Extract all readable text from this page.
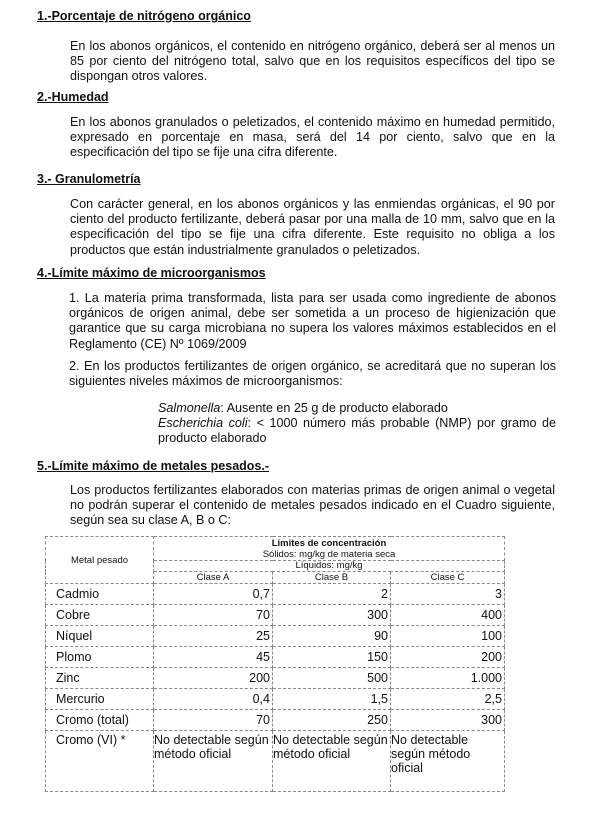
1.-Porcentaje de nitrógeno orgánico
En los abonos orgánicos, el contenido en nitrógeno orgánico, deberá ser al menos un 85 por ciento del nitrógeno total, salvo que en los requisitos específicos del tipo se dispongan otros valores.
2.-Humedad
En los abonos granulados o peletizados, el contenido máximo en humedad permitido, expresado en porcentaje en masa, será del 14 por ciento, salvo que en la especificación del tipo se fije una cifra diferente.
3.- Granulometría
Con carácter general, en los abonos orgánicos y las enmiendas orgánicas, el 90 por ciento del producto fertilizante, deberá pasar por una malla de 10 mm, salvo que en la especificación del tipo se fije una cifra diferente. Este requisito no obliga a los productos que están industrialmente granulados o peletizados.
4.-Límite máximo de microorganismos
1. La materia prima transformada, lista para ser usada como ingrediente de abonos orgánicos de origen animal, debe ser sometida a un proceso de higienización que garantice que su carga microbiana no supera los valores máximos establecidos en el Reglamento (CE) Nº 1069/2009
2. En los productos fertilizantes de origen orgánico, se acreditará que no superan los siguientes niveles máximos de microorganismos:
Salmonella: Ausente en 25 g de producto elaborado
Escherichia coli: < 1000 número más probable (NMP) por gramo de producto elaborado
5.-Límite máximo de metales pesados.-
Los productos fertilizantes elaborados con materias primas de origen animal o vegetal no podrán superar el contenido de metales pesados indicado en el Cuadro siguiente, según sea su clase A, B o C:
Metal pesado	Límites de concentración
Sólidos: mg/kg de materia seca		

	Líquidos: mg/kg		
	Clase A	Clase B	Clase C
Cadmio	0,7	2	3
Cobre	70	300	400
Níquel	25	90	100
Plomo	45	150	200
Zinc	200	500	1.000
Mercurio	0,4	1,5	2,5
Cromo (total)	70	250	300
Cromo (VI) *	No detectable según método oficial	No detectable según método oficial	No detectable según método oficial
